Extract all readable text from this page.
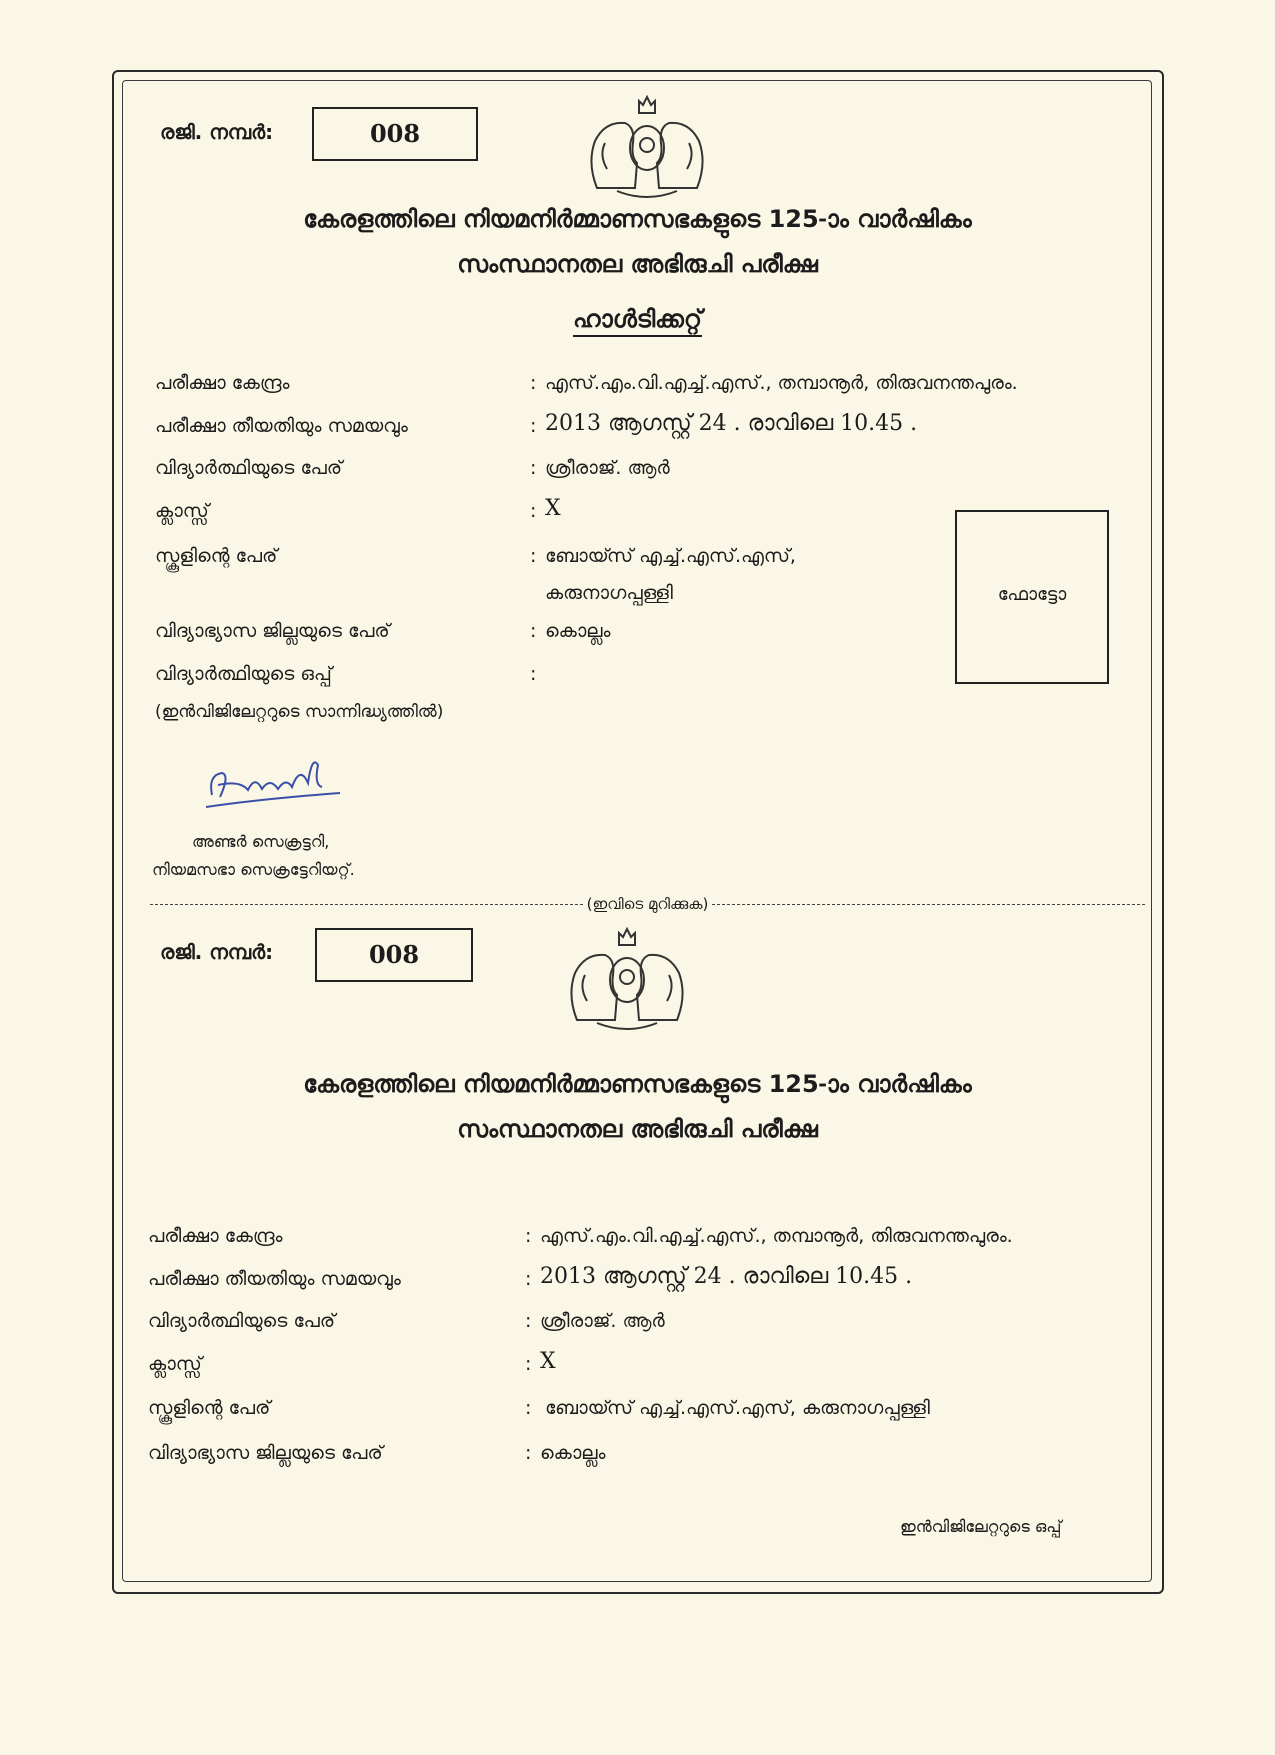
രജി. നമ്പർ:	008
കേരളത്തിലെ നിയമനിർമ്മാണസഭകളുടെ 125-ാം വാർഷികം
സംസ്ഥാനതല അഭിരുചി പരീക്ഷ
ഹാൾടിക്കറ്റ്
പരീക്ഷാ കേന്ദ്രം	: എസ്.എം.വി.എച്ച്.എസ്., തമ്പാനൂർ, തിരുവനന്തപുരം.
പരീക്ഷാ തീയതിയും സമയവും	: 2013 ആഗസ്റ്റ് 24 . രാവിലെ 10.45 .
വിദ്യാർത്ഥിയുടെ പേര്	: ശ്രീരാജ്. ആർ
ക്ലാസ്സ്	: X
സ്കൂളിന്റെ പേര്	: ബോയ്സ് എച്ച്.എസ്.എസ്,
കരുനാഗപ്പള്ളി
വിദ്യാഭ്യാസ ജില്ലയുടെ പേര്	: കൊല്ലം
വിദ്യാർത്ഥിയുടെ ഒപ്പ്	:
(ഇൻവിജിലേറ്ററുടെ സാന്നിദ്ധ്യത്തിൽ)
ഫോട്ടോ
അണ്ടർ സെക്രട്ടറി,
നിയമസഭാ സെക്രട്ടേറിയറ്റ്.
(ഇവിടെ മുറിക്കുക)
രജി. നമ്പർ:	008
കേരളത്തിലെ നിയമനിർമ്മാണസഭകളുടെ 125-ാം വാർഷികം
സംസ്ഥാനതല അഭിരുചി പരീക്ഷ
പരീക്ഷാ കേന്ദ്രം	: എസ്.എം.വി.എച്ച്.എസ്., തമ്പാനൂർ, തിരുവനന്തപുരം.
പരീക്ഷാ തീയതിയും സമയവും	: 2013 ആഗസ്റ്റ് 24 . രാവിലെ 10.45 .
വിദ്യാർത്ഥിയുടെ പേര്	: ശ്രീരാജ്. ആർ
ക്ലാസ്സ്	: X
സ്കൂളിന്റെ പേര്	: ബോയ്സ് എച്ച്.എസ്.എസ്, കരുനാഗപ്പള്ളി
വിദ്യാഭ്യാസ ജില്ലയുടെ പേര്	: കൊല്ലം
ഇൻവിജിലേറ്ററുടെ ഒപ്പ്
